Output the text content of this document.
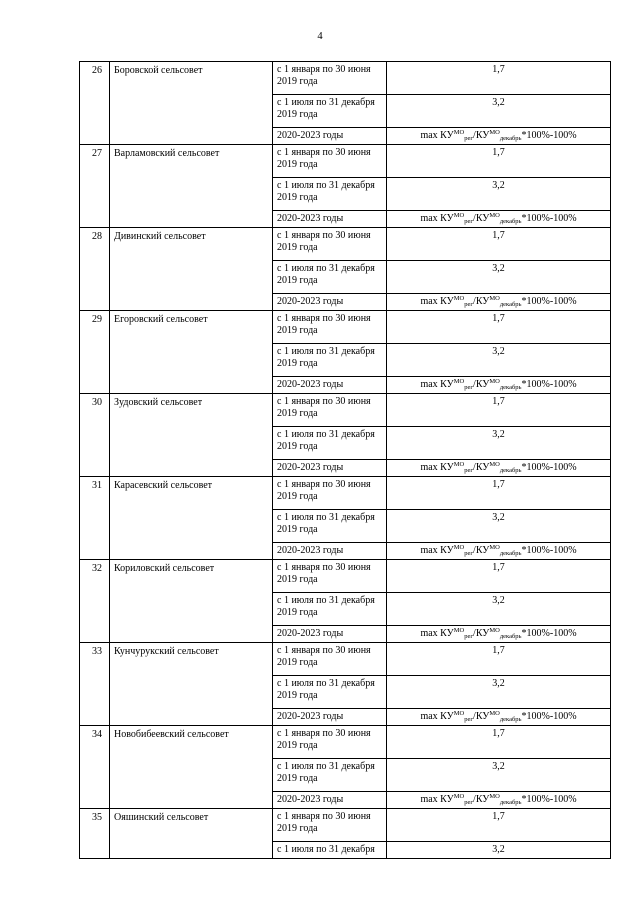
4
26	Боровской сельсовет	с 1 января по 30 июня
2019 года	1,7
		с 1 июля по 31 декабря
2019 года	3,2
		2020-2023 годы	$\max КУ^{МО}_{рег}/КУ^{МО}_{декабрь}*100\%-100\%$
27	Варламовский сельсовет	с 1 января по 30 июня
2019 года	1,7
		с 1 июля по 31 декабря
2019 года	3,2
		2020-2023 годы	$\max КУ^{МО}_{рег}/КУ^{МО}_{декабрь}*100\%-100\%$
28	Дивинский сельсовет	с 1 января по 30 июня
2019 года	1,7
		с 1 июля по 31 декабря
2019 года	3,2
		2020-2023 годы	$\max КУ^{МО}_{рег}/КУ^{МО}_{декабрь}*100\%-100\%$
29	Егоровский сельсовет	с 1 января по 30 июня
2019 года	1,7
		с 1 июля по 31 декабря
2019 года	3,2
		2020-2023 годы	$\max КУ^{МО}_{рег}/КУ^{МО}_{декабрь}*100\%-100\%$
30	Зудовский сельсовет	с 1 января по 30 июня
2019 года	1,7
		с 1 июля по 31 декабря
2019 года	3,2
		2020-2023 годы	$\max КУ^{МО}_{рег}/КУ^{МО}_{декабрь}*100\%-100\%$
31	Карасевский сельсовет	с 1 января по 30 июня
2019 года	1,7
		с 1 июля по 31 декабря
2019 года	3,2
		2020-2023 годы	$\max КУ^{МО}_{рег}/КУ^{МО}_{декабрь}*100\%-100\%$
32	Кориловский сельсовет	с 1 января по 30 июня
2019 года	1,7
		с 1 июля по 31 декабря
2019 года	3,2
		2020-2023 годы	$\max КУ^{МО}_{рег}/КУ^{МО}_{декабрь}*100\%-100\%$
33	Кунчурукский сельсовет	с 1 января по 30 июня
2019 года	1,7
		с 1 июля по 31 декабря
2019 года	3,2
		2020-2023 годы	$\max КУ^{МО}_{рег}/КУ^{МО}_{декабрь}*100\%-100\%$
34	Новобибеевский сельсовет	с 1 января по 30 июня
2019 года	1,7
		с 1 июля по 31 декабря
2019 года	3,2
		2020-2023 годы	$\max КУ^{МО}_{рег}/КУ^{МО}_{декабрь}*100\%-100\%$
35	Ояшинский сельсовет	с 1 января по 30 июня
2019 года	1,7
		с 1 июля по 31 декабря	3,2
